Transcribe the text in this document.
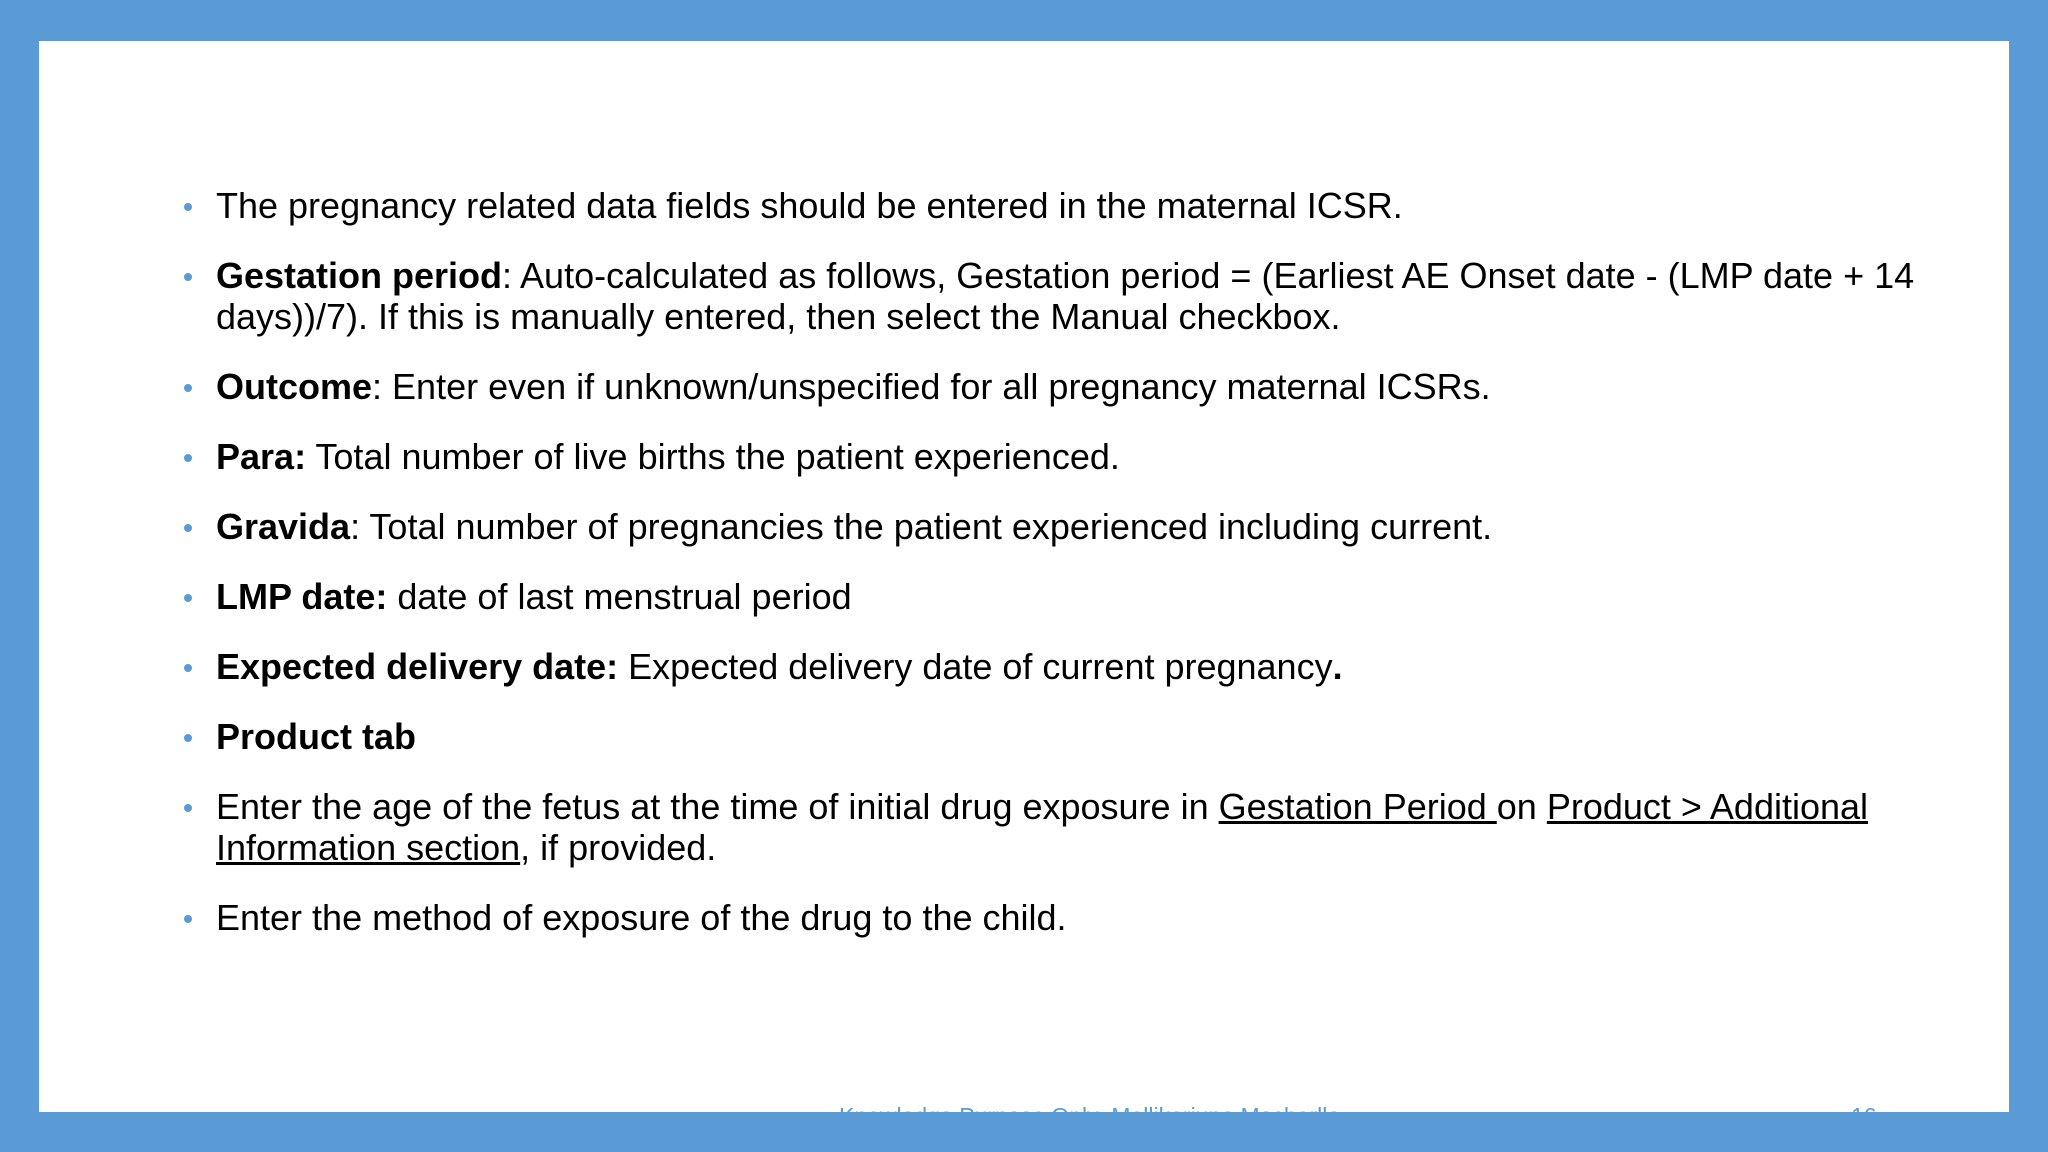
The pregnancy related data fields should be entered in the maternal ICSR.
Gestation period: Auto-calculated as follows, Gestation period = (Earliest AE Onset date - (LMP date + 14 days))/7). If this is manually entered, then select the Manual checkbox.
Outcome: Enter even if unknown/unspecified for all pregnancy maternal ICSRs.
Para: Total number of live births the patient experienced.
Gravida: Total number of pregnancies the patient experienced including current.
LMP date: date of last menstrual period
Expected delivery date: Expected delivery date of current pregnancy.
Product tab
Enter the age of the fetus at the time of initial drug exposure in Gestation Period on Product > Additional Information section, if provided.
Enter the method of exposure of the drug to the child.
Knowledge Purpose Only_Mallikarjuna Mocharlla	16
